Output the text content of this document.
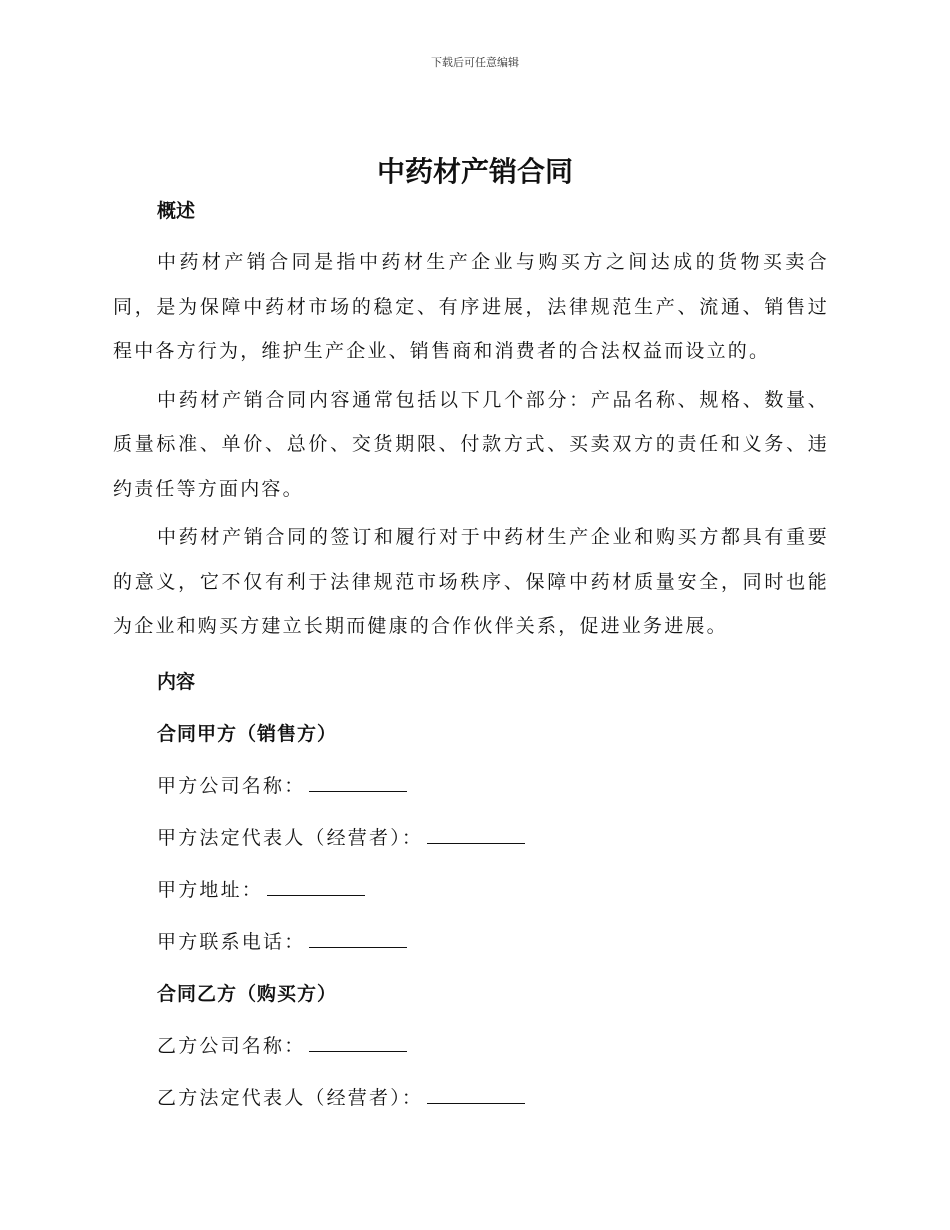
下载后可任意编辑
中药材产销合同
概述

中药材产销合同是指中药材生产企业与购买方之间达成的货物买卖合同，是为保障中药材市场的稳定、有序进展，法律规范生产、流通、销售过程中各方行为，维护生产企业、销售商和消费者的合法权益而设立的。

中药材产销合同内容通常包括以下几个部分：产品名称、规格、数量、质量标准、单价、总价、交货期限、付款方式、买卖双方的责任和义务、违约责任等方面内容。

中药材产销合同的签订和履行对于中药材生产企业和购买方都具有重要的意义，它不仅有利于法律规范市场秩序、保障中药材质量安全，同时也能为企业和购买方建立长期而健康的合作伙伴关系，促进业务进展。

内容
合同甲方（销售方）
甲方公司名称：
甲方法定代表人（经营者）：
甲方地址：
甲方联系电话：
合同乙方（购买方）
乙方公司名称：
乙方法定代表人（经营者）：
